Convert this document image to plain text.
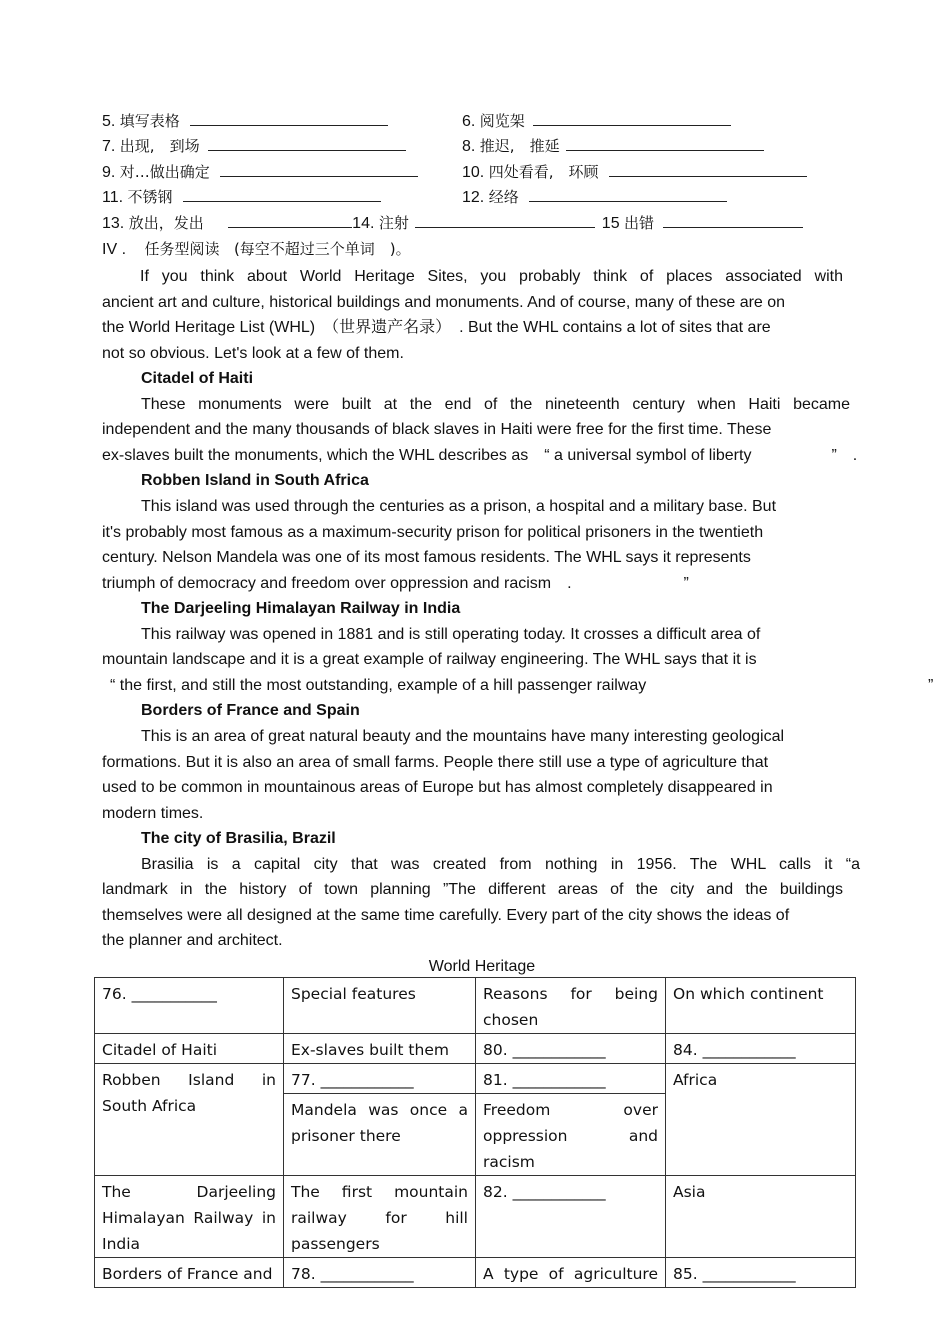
5. 填写表格	6. 阅览架
7. 出现,　到场	8. 推迟,　推延
9. 对…做出确定	10. 四处看看,　环顾
11. 不锈钢	12. 经络
13. 放出，发出	14. 注射	15 出错
IV . 任务型阅读 (每空不超过三个单词　)。
If you think about World Heritage Sites, you probably think of places associated with
ancient art and culture, historical buildings and monuments. And of course, many of these are on
the World Heritage List (WHL)　（世界遗产名录）　. But the WHL contains a lot of sites that are
not so obvious. Let's look at a few of them.
Citadel of Haiti
These monuments were built at the end of the nineteenth century when Haiti became
independent and the many thousands of black slaves in Haiti were free for the first time. These
ex-slaves built the monuments, which the WHL describes as　“ a universal symbol of liberty　　　　　”　.
Robben Island in South Africa
This island was used through the centuries as a prison, a hospital and a military base. But
it's probably most famous as a maximum-security prison for political prisoners in the twentieth
century. Nelson Mandela was one of its most famous residents. The WHL says it represents
triumph of democracy and freedom over oppression and racism　.　　　　　　　”
The Darjeeling Himalayan Railway in India
This railway was opened in 1881 and is still operating today. It crosses a difficult area of
mountain landscape and it is a great example of railway engineering. The WHL says that it is
“ the first, and still the most outstanding, example of a hill passenger railway	”
Borders of France and Spain
This is an area of great natural beauty and the mountains have many interesting geological
formations. But it is also an area of small farms. People there still use a type of agriculture that
used to be common in mountainous areas of Europe but has almost completely disappeared in
modern times.
The city of Brasilia, Brazil
Brasilia is a capital city that was created from nothing in 1956. The WHL calls it “a
landmark in the history of town planning ”The different areas of the city and the buildings
themselves were all designed at the same time carefully. Every part of the city shows the ideas of
the planner and architect.
World Heritage
76. ___________	Special features	Reasons for being chosen	On which continent
Citadel of Haiti	Ex-slaves built them	80. ____________	84. ____________
Robben Island in South Africa	77. ____________	81. ____________	Africa
	Mandela was once a prisoner there	Freedom over oppression and racism	
The Darjeeling Himalayan Railway in India	The first mountain railway for hill passengers	82. ____________	Asia
Borders of France and	78. ____________	A type of agriculture	85. ____________
